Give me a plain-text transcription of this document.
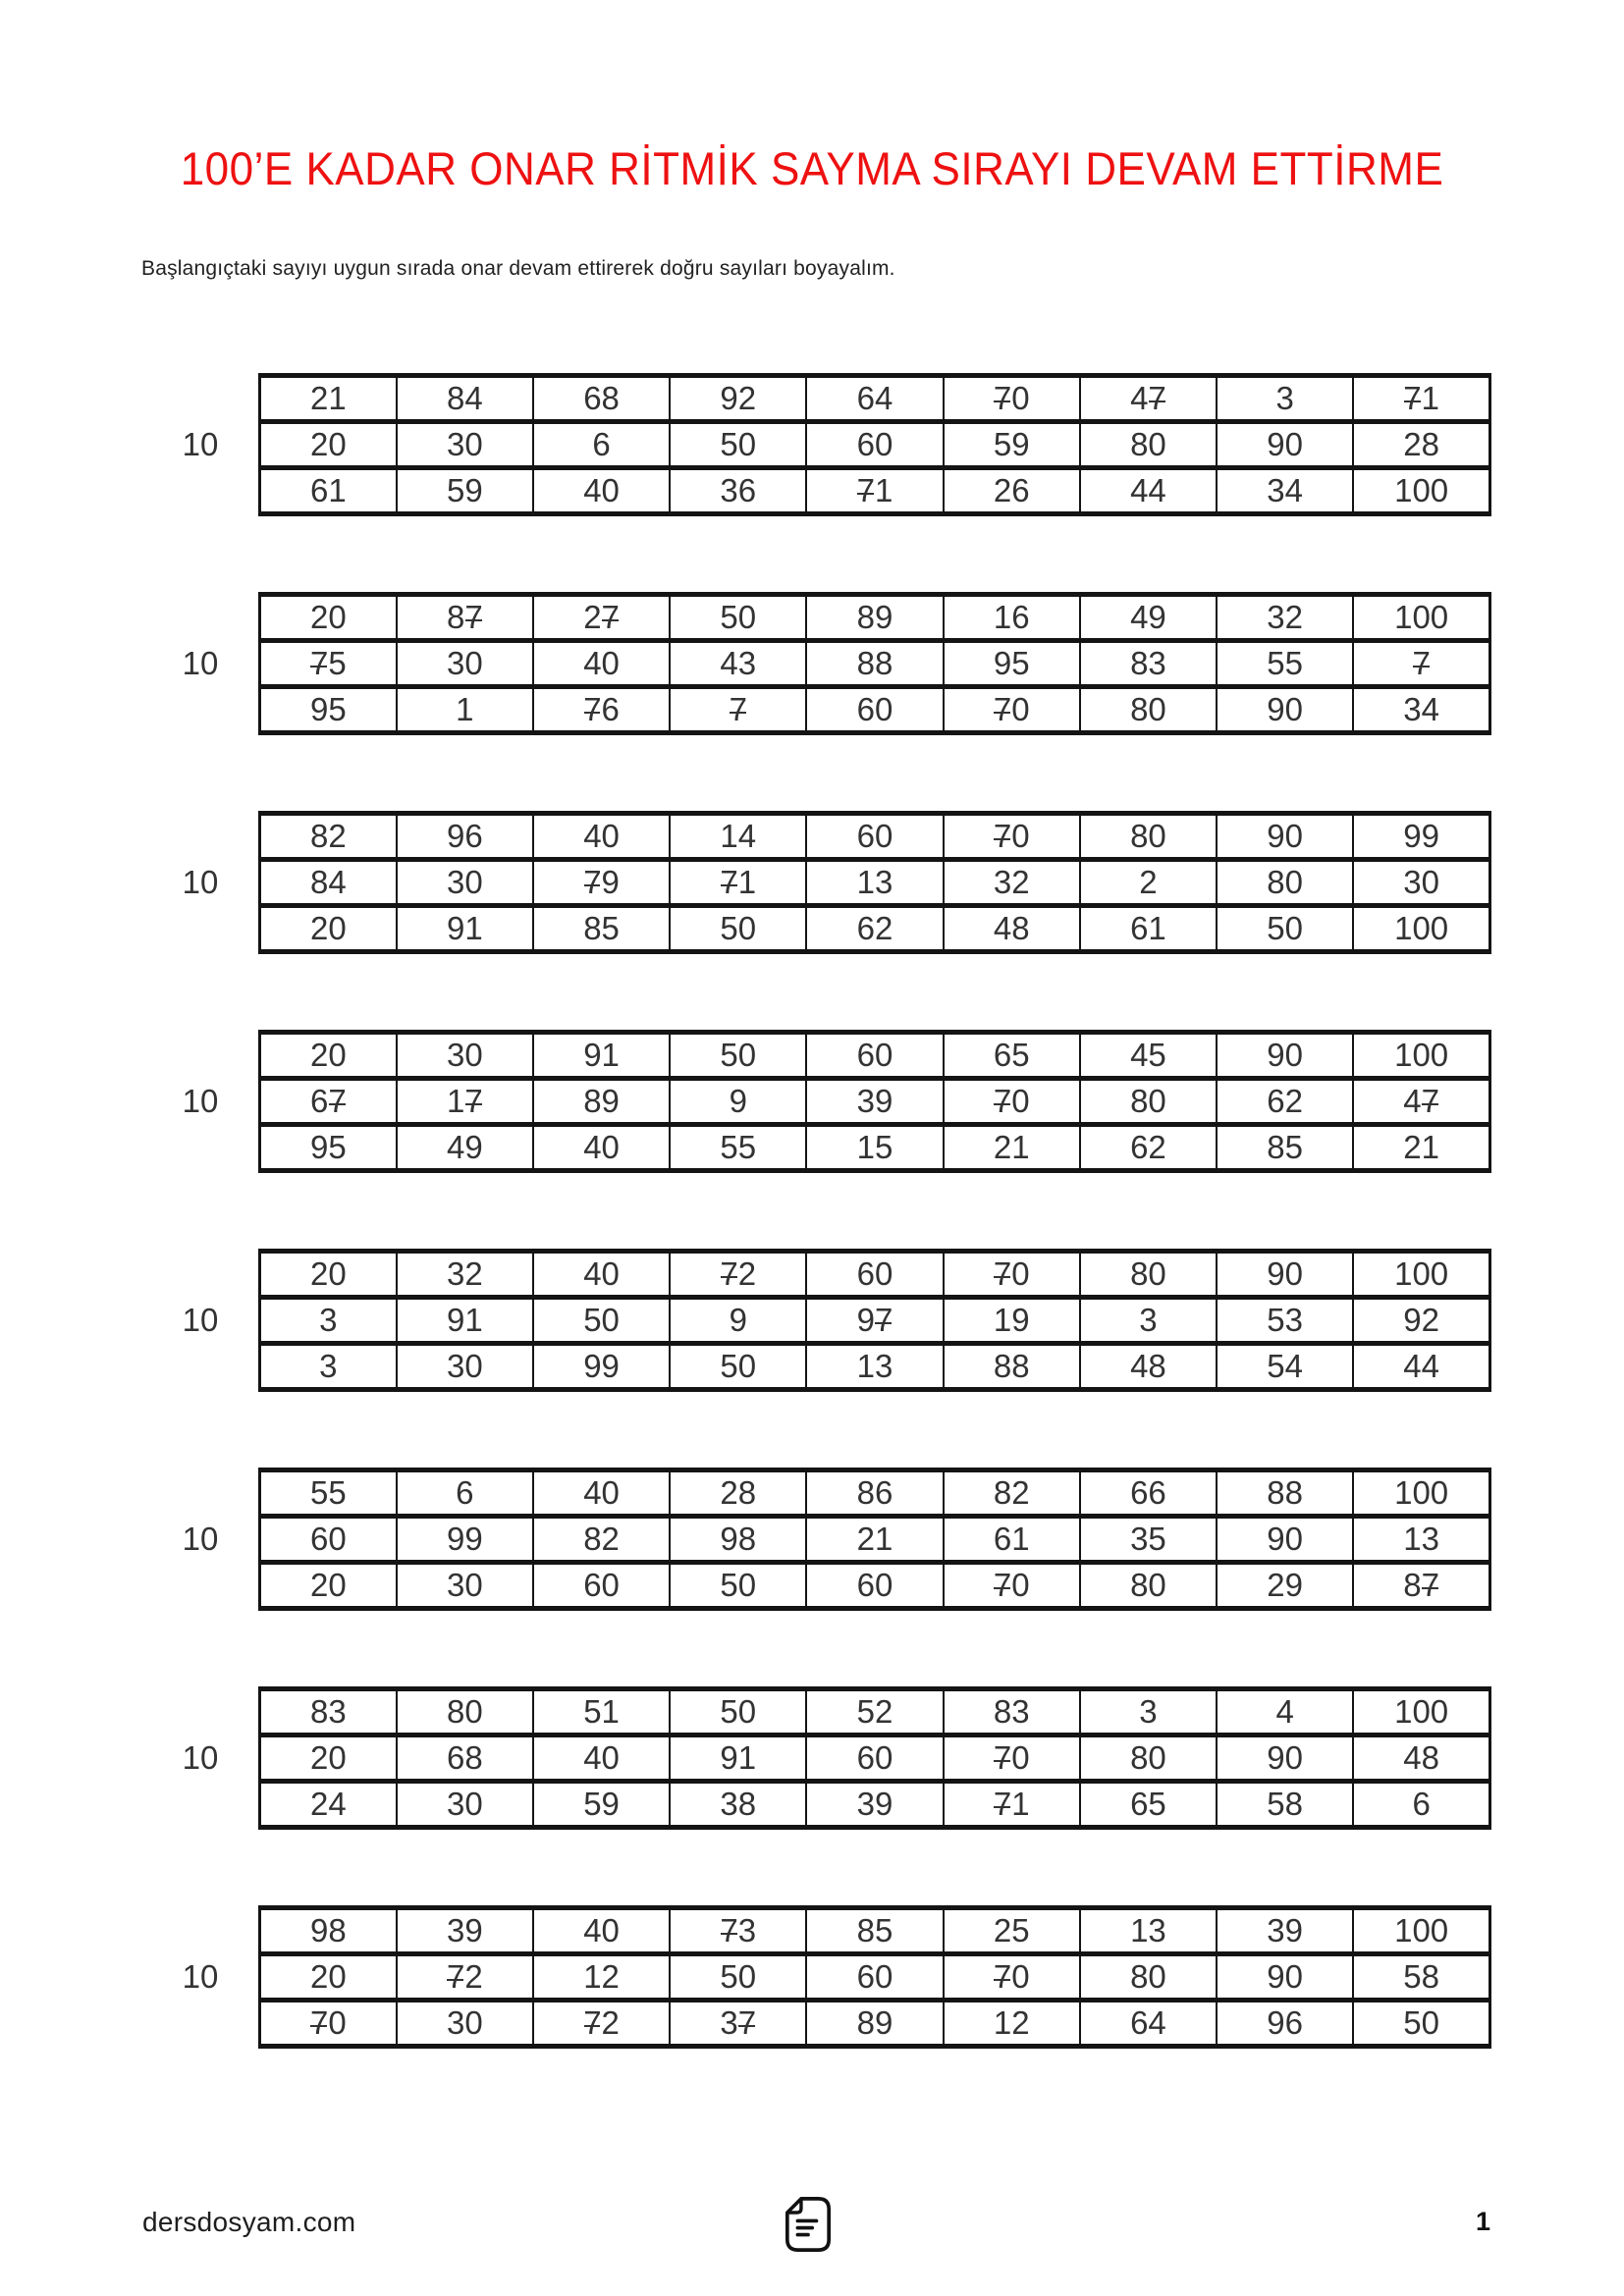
100’E KADAR ONAR RİTMİK SAYMA SIRAYI DEVAM ETTİRME

Başlangıçtaki sayıyı uygun sırada onar devam ettirerek doğru sayıları boyayalım.

10
21	84	68	92	64	70	47	3	71
20	30	6	50	60	59	80	90	28
61	59	40	36	71	26	44	34	100
10
20	87	27	50	89	16	49	32	100
75	30	40	43	88	95	83	55	7
95	1	76	7	60	70	80	90	34
10
82	96	40	14	60	70	80	90	99
84	30	79	71	13	32	2	80	30
20	91	85	50	62	48	61	50	100
10
20	30	91	50	60	65	45	90	100
67	17	89	9	39	70	80	62	47
95	49	40	55	15	21	62	85	21
10
20	32	40	72	60	70	80	90	100
3	91	50	9	97	19	3	53	92
3	30	99	50	13	88	48	54	44
10
55	6	40	28	86	82	66	88	100
60	99	82	98	21	61	35	90	13
20	30	60	50	60	70	80	29	87
10
83	80	51	50	52	83	3	4	100
20	68	40	91	60	70	80	90	48
24	30	59	38	39	71	65	58	6
10
98	39	40	73	85	25	13	39	100
20	72	12	50	60	70	80	90	58
70	30	72	37	89	12	64	96	50
dersdosyam.com	1
